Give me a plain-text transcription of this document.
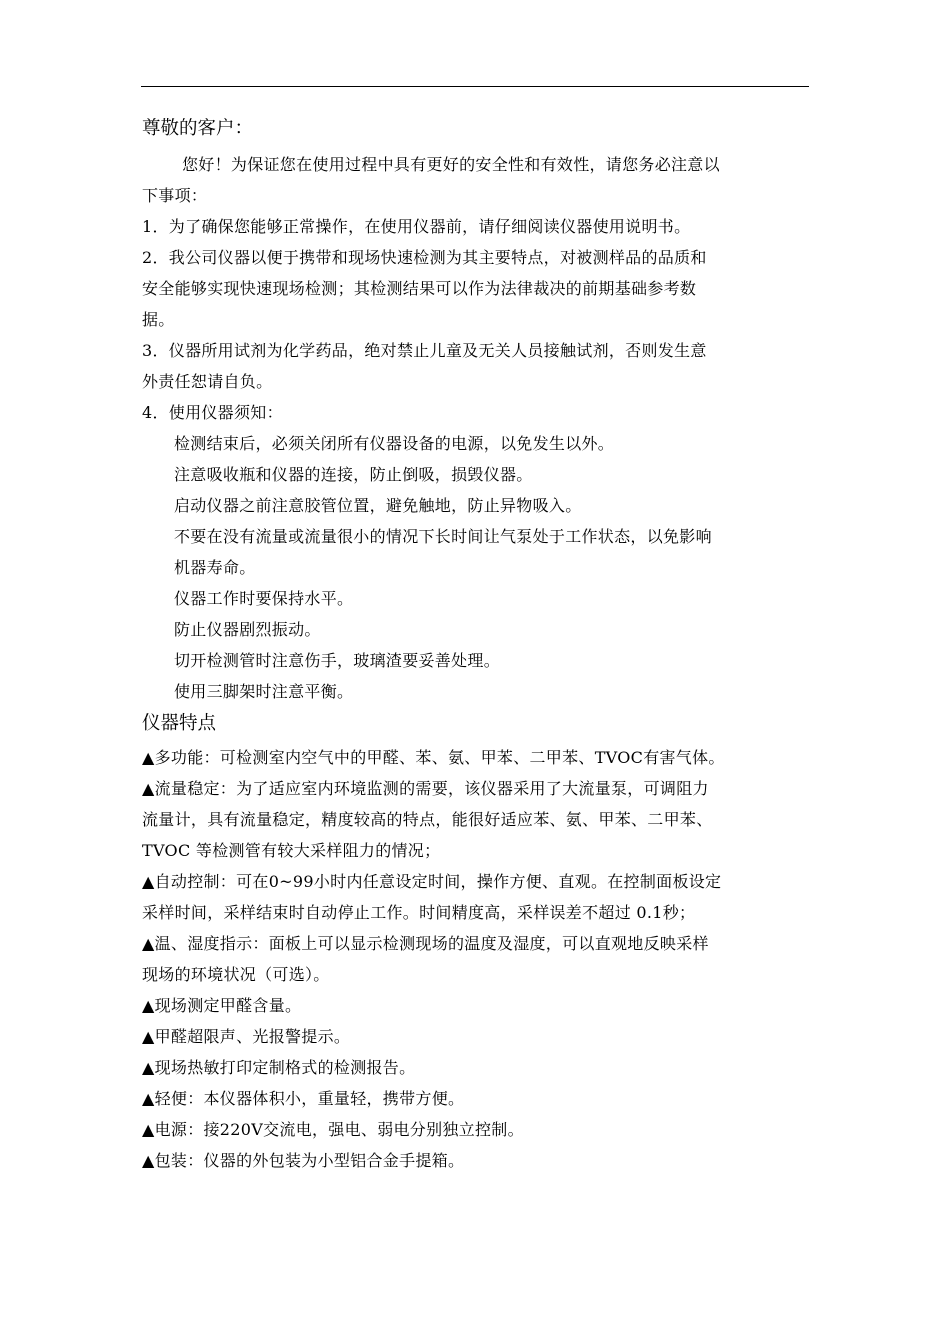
尊敬的客户：
您好！为保证您在使用过程中具有更好的安全性和有效性，请您务必注意以
下事项：
1．为了确保您能够正常操作，在使用仪器前，请仔细阅读仪器使用说明书。
2．我公司仪器以便于携带和现场快速检测为其主要特点，对被测样品的品质和
安全能够实现快速现场检测；其检测结果可以作为法律裁决的前期基础参考数
据。
3．仪器所用试剂为化学药品，绝对禁止儿童及无关人员接触试剂，否则发生意
外责任恕请自负。
4．使用仪器须知：
检测结束后，必须关闭所有仪器设备的电源，以免发生以外。
注意吸收瓶和仪器的连接，防止倒吸，损毁仪器。
启动仪器之前注意胶管位置，避免触地，防止异物吸入。
不要在没有流量或流量很小的情况下长时间让气泵处于工作状态，以免影响
机器寿命。
仪器工作时要保持水平。
防止仪器剧烈振动。
切开检测管时注意伤手，玻璃渣要妥善处理。
使用三脚架时注意平衡。
仪器特点
▲多功能：可检测室内空气中的甲醛、苯、氨、甲苯、二甲苯、TVOC有害气体。
▲流量稳定：为了适应室内环境监测的需要，该仪器采用了大流量泵，可调阻力
流量计，具有流量稳定，精度较高的特点，能很好适应苯、氨、甲苯、二甲苯、
TVOC 等检测管有较大采样阻力的情况；
▲自动控制：可在0~99小时内任意设定时间，操作方便、直观。在控制面板设定
采样时间，采样结束时自动停止工作。时间精度高，采样误差不超过 0.1秒；
▲温、湿度指示：面板上可以显示检测现场的温度及湿度，可以直观地反映采样
现场的环境状况（可选）。
▲现场测定甲醛含量。
▲甲醛超限声、光报警提示。
▲现场热敏打印定制格式的检测报告。
▲轻便：本仪器体积小，重量轻，携带方便。
▲电源：接220V交流电，强电、弱电分别独立控制。
▲包装：仪器的外包装为小型铝合金手提箱。
